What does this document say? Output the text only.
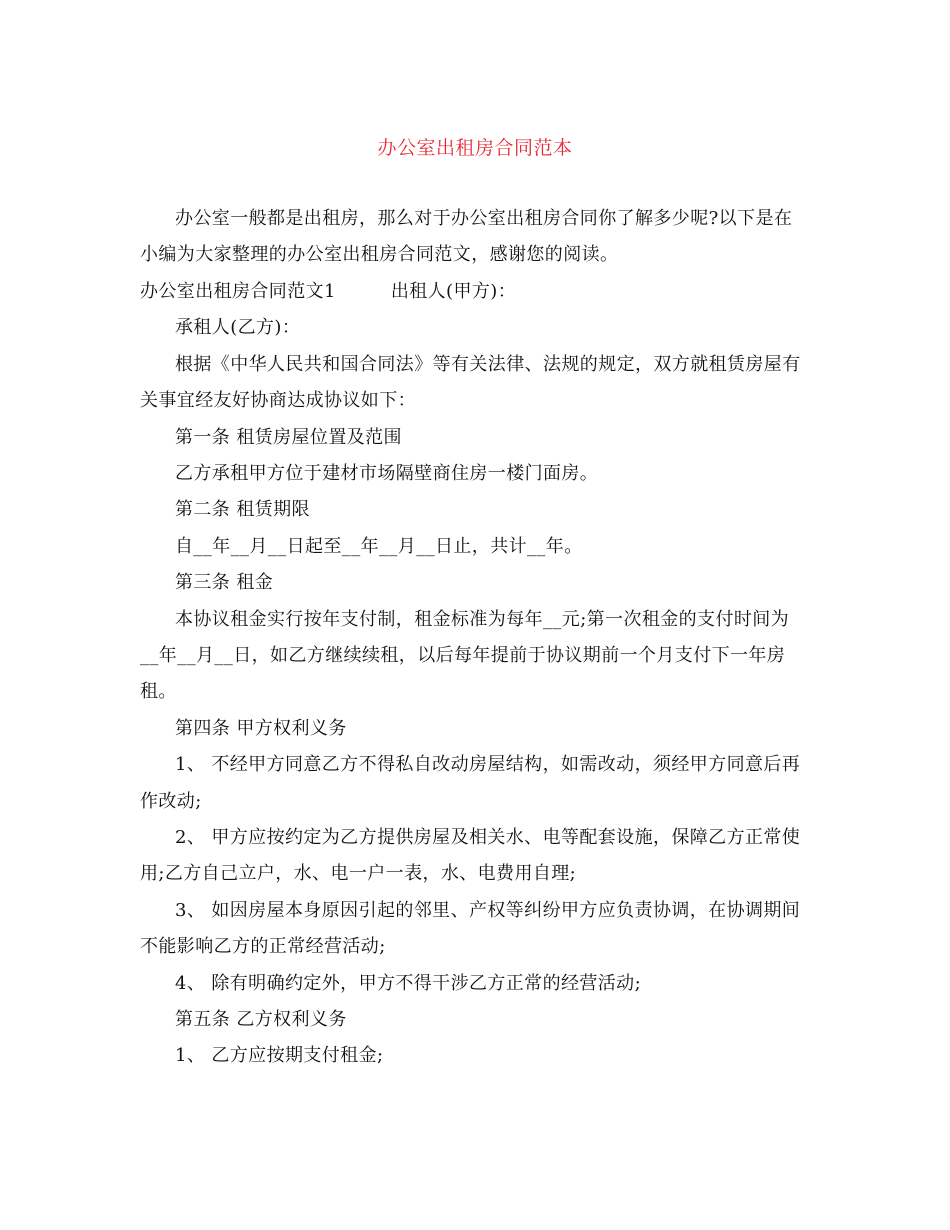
办公室出租房合同范本
办公室一般都是出租房，那么对于办公室出租房合同你了解多少呢?以下是在
小编为大家整理的办公室出租房合同范文，感谢您的阅读。
办公室出租房合同范文1	出租人(甲方)：
承租人(乙方)：
根据《中华人民共和国合同法》等有关法律、法规的规定，双方就租赁房屋有
关事宜经友好协商达成协议如下：
第一条 租赁房屋位置及范围
乙方承租甲方位于建材市场隔壁商住房一楼门面房。
第二条 租赁期限
自__年__月__日起至__年__月__日止，共计__年。
第三条 租金
本协议租金实行按年支付制，租金标准为每年__元;第一次租金的支付时间为
__年__月__日，如乙方继续续租，以后每年提前于协议期前一个月支付下一年房
租。
第四条 甲方权利义务
1、 不经甲方同意乙方不得私自改动房屋结构，如需改动，须经甲方同意后再
作改动;
2、 甲方应按约定为乙方提供房屋及相关水、电等配套设施，保障乙方正常使
用;乙方自己立户，水、电一户一表，水、电费用自理;
3、 如因房屋本身原因引起的邻里、产权等纠纷甲方应负责协调，在协调期间
不能影响乙方的正常经营活动;
4、 除有明确约定外，甲方不得干涉乙方正常的经营活动;
第五条 乙方权利义务
1、 乙方应按期支付租金;
